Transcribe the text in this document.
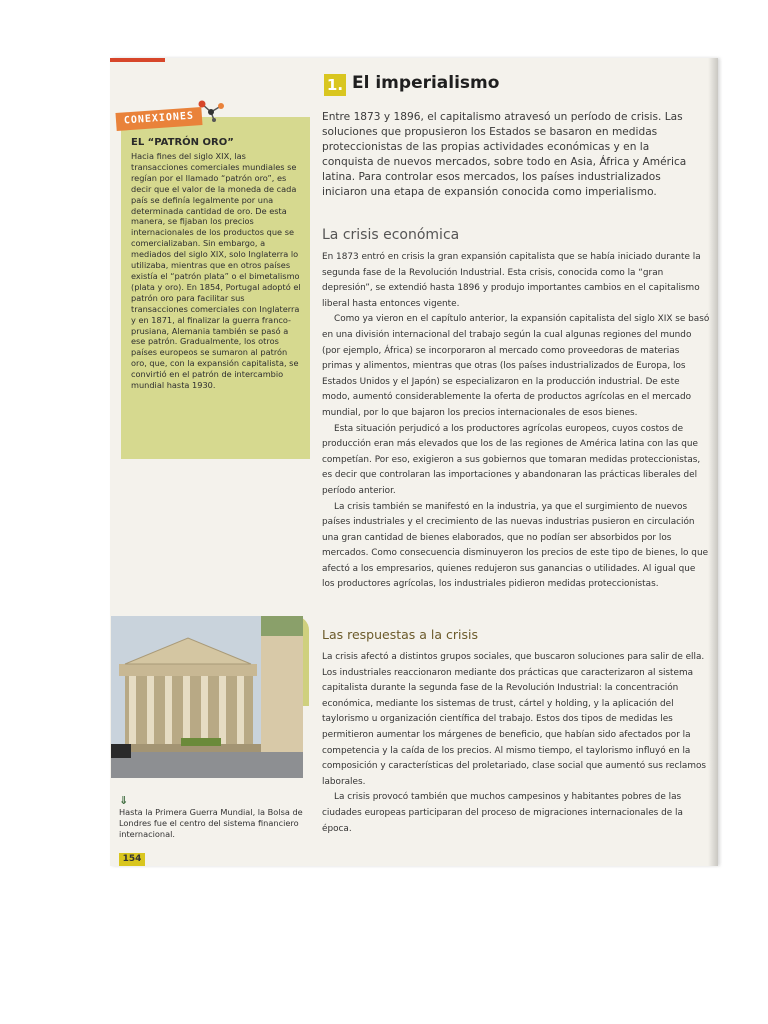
CONEXIONES
EL “PATRÓN ORO”

Hacia fines del siglo XIX, las transacciones comerciales mundiales se regían por el llamado “patrón oro”, es decir que el valor de la moneda de cada país se definía legalmente por una determinada cantidad de oro. De esta manera, se fijaban los precios internacionales de los productos que se comercializaban. Sin embargo, a mediados del siglo XIX, solo Inglaterra lo utilizaba, mientras que en otros países existía el “patrón plata” o el bimetalismo (plata y oro). En 1854, Portugal adoptó el patrón oro para facilitar sus transacciones comerciales con Inglaterra y en 1871, al finalizar la guerra franco-prusiana, Alemania también se pasó a ese patrón. Gradualmente, los otros países europeos se sumaron al patrón oro, que, con la expansión capitalista, se convirtió en el patrón de intercambio mundial hasta 1930.

1. El imperialismo

Entre 1873 y 1896, el capitalismo atravesó un período de crisis. Las soluciones que propusieron los Estados se basaron en medidas proteccionistas de las propias actividades económicas y en la conquista de nuevos mercados, sobre todo en Asia, África y América latina. Para controlar esos mercados, los países industrializados iniciaron una etapa de expansión conocida como imperialismo.

La crisis económica

En 1873 entró en crisis la gran expansión capitalista que se había iniciado durante la segunda fase de la Revolución Industrial. Esta crisis, conocida como la “gran depresión”, se extendió hasta 1896 y produjo importantes cambios en el capitalismo liberal hasta entonces vigente.

Como ya vieron en el capítulo anterior, la expansión capitalista del siglo XIX se basó en una división internacional del trabajo según la cual algunas regiones del mundo (por ejemplo, África) se incorporaron al mercado como proveedoras de materias primas y alimentos, mientras que otras (los países industrializados de Europa, los Estados Unidos y el Japón) se especializaron en la producción industrial. De este modo, aumentó considerablemente la oferta de productos agrícolas en el mercado mundial, por lo que bajaron los precios internacionales de esos bienes.

Esta situación perjudicó a los productores agrícolas europeos, cuyos costos de producción eran más elevados que los de las regiones de América latina con las que competían. Por eso, exigieron a sus gobiernos que tomaran medidas proteccionistas, es decir que controlaran las importaciones y abandonaran las prácticas liberales del período anterior.

La crisis también se manifestó en la industria, ya que el surgimiento de nuevos países industriales y el crecimiento de las nuevas industrias pusieron en circulación una gran cantidad de bienes elaborados, que no podían ser absorbidos por los mercados. Como consecuencia disminuyeron los precios de este tipo de bienes, lo que afectó a los empresarios, quienes redujeron sus ganancias o utilidades. Al igual que los productores agrícolas, los industriales pidieron medidas proteccionistas.

Las respuestas a la crisis

La crisis afectó a distintos grupos sociales, que buscaron soluciones para salir de ella. Los industriales reaccionaron mediante dos prácticas que caracterizaron al sistema capitalista durante la segunda fase de la Revolución Industrial: la concentración económica, mediante los sistemas de trust, cártel y holding, y la aplicación del taylorismo u organización científica del trabajo. Estos dos tipos de medidas les permitieron aumentar los márgenes de beneficio, que habían sido afectados por la competencia y la caída de los precios. Al mismo tiempo, el taylorismo influyó en la composición y características del proletariado, clase social que aumentó sus reclamos laborales.

La crisis provocó también que muchos campesinos y habitantes pobres de las ciudades europeas participaran del proceso de migraciones internacionales de la época.

⇓

Hasta la Primera Guerra Mundial, la Bolsa de Londres fue el centro del sistema financiero internacional.

154
